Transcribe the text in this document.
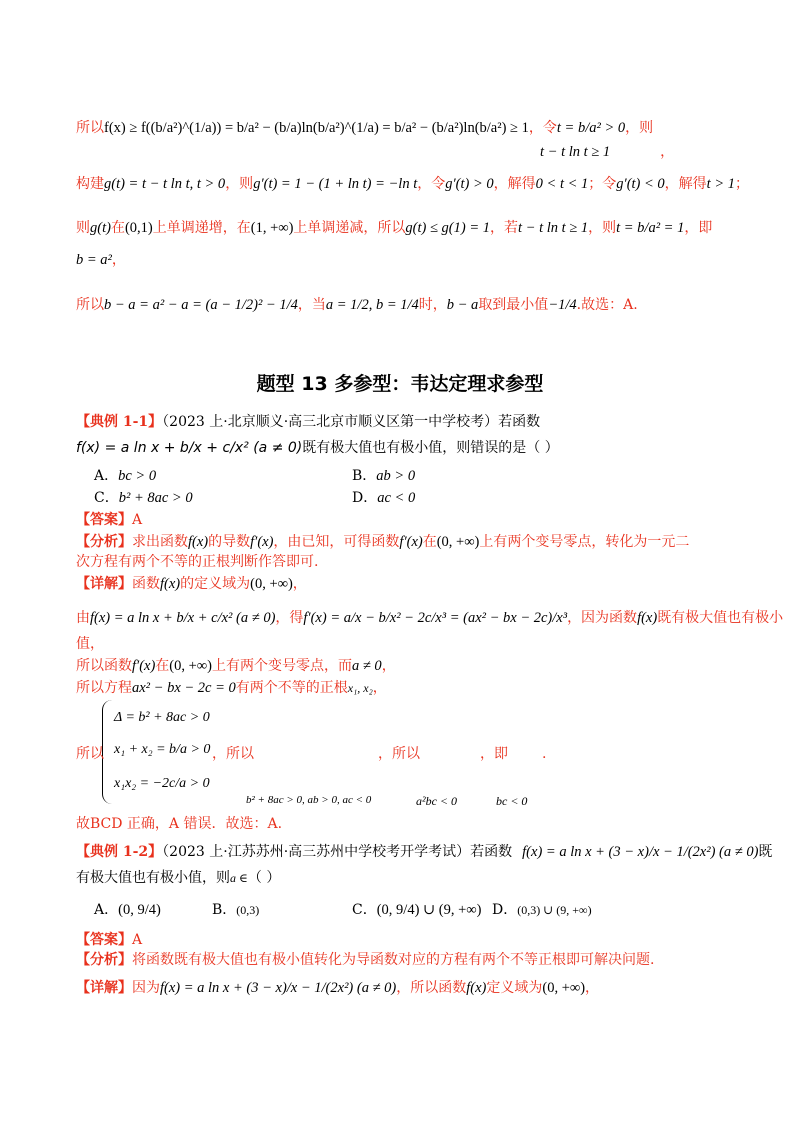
所以f(x) ≥ f((b/a²)^(1/a)) = b/a² − (b/a)ln(b/a²)^(1/a) = b/a² − (b/a²)ln(b/a²) ≥ 1，令t = b/a² > 0，则
t − t ln t ≥ 1	，
构建g(t) = t − t ln t, t > 0，则g′(t) = 1 − (1 + ln t) = −ln t，令g′(t) > 0，解得0 < t < 1；令g′(t) < 0，解得t > 1；
则g(t)在(0,1)上单调递增，在(1, +∞)上单调递减，所以g(t) ≤ g(1) = 1，若t − t ln t ≥ 1，则t = b/a² = 1，即
b = a²，
所以b − a = a² − a = (a − 1/2)² − 1/4，当a = 1/2, b = 1/4时，b − a取到最小值−1/4.故选：A.
题型 13 多参型：韦达定理求参型
【典例 1-1】（2023 上·北京顺义·高三北京市顺义区第一中学校考）若函数
f(x) = a ln x + b/x + c/x² (a ≠ 0)既有极大值也有极小值，则错误的是（ ）
A．bc > 0	B．ab > 0
C．b² + 8ac > 0	D．ac < 0
【答案】A
【分析】求出函数f(x)的导数f′(x)，由已知，可得函数f′(x)在(0, +∞)上有两个变号零点，转化为一元二
次方程有两个不等的正根判断作答即可.
【详解】函数f(x)的定义域为(0, +∞)，
由f(x) = a ln x + b/x + c/x² (a ≠ 0)，得f′(x) = a/x − b/x² − 2c/x³ = (ax² − bx − 2c)/x³，因为函数f(x)既有极大值也有极小
值，
所以函数f′(x)在(0, +∞)上有两个变号零点，而a ≠ 0，
所以方程ax² − bx − 2c = 0有两个不等的正根x₁, x₂，
Δ = b² + 8ac > 0
x₁ + x₂ = b/a > 0
x₁x₂ = −2c/a > 0
所以	，所以	，所以	，即 .
b² + 8ac > 0, ab > 0, ac < 0	a²bc < 0	bc < 0
故BCD 正确，A 错误．故选：A.
【典例 1-2】（2023 上·江苏苏州·高三苏州中学校考开学考试）若函数 f(x) = a ln x + (3 − x)/x − 1/(2x²) (a ≠ 0)既
有极大值也有极小值，则a ∈（ ）
A．(0, 9/4)	B．(0,3)	C．(0, 9/4) ∪ (9, +∞) D．(0,3) ∪ (9, +∞)
【答案】A
【分析】将函数既有极大值也有极小值转化为导函数对应的方程有两个不等正根即可解决问题.
【详解】因为f(x) = a ln x + (3 − x)/x − 1/(2x²) (a ≠ 0)，所以函数f(x)定义域为(0, +∞)，
